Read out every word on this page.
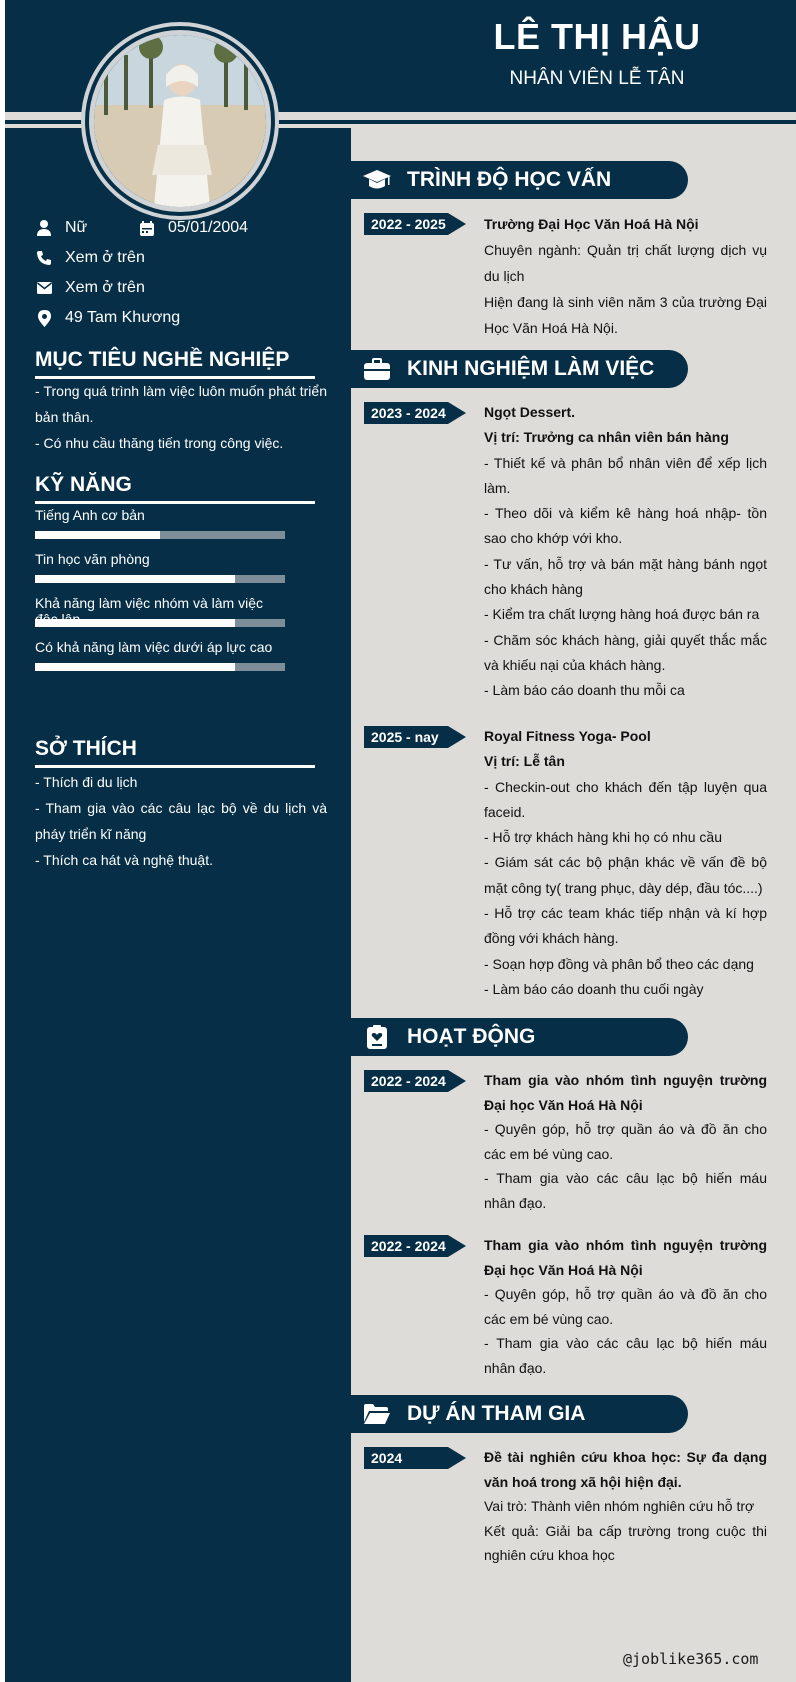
LÊ THỊ HẬU
NHÂN VIÊN LỄ TÂN
Nữ	05/01/2004
Xem ở trên
Xem ở trên
49 Tam Khương
MỤC TIÊU NGHỀ NGHIỆP
- Trong quá trình làm việc luôn muốn phát triển bản thân.
- Có nhu cầu thăng tiến trong công việc.
KỸ NĂNG
Tiếng Anh cơ bản
Tin học văn phòng
Khả năng làm việc nhóm và làm việc
Có khả năng làm việc dưới áp lực cao
SỞ THÍCH
- Thích đi du lịch
- Tham gia vào các câu lạc bộ về du lịch và pháy triển kĩ năng
- Thích ca hát và nghệ thuật.
TRÌNH ĐỘ HỌC VẤN
2022 - 2025	Trường Đại Học Văn Hoá Hà Nội
Chuyên ngành: Quản trị chất lượng dịch vụ du lịch
Hiện đang là sinh viên năm 3 của trường Đại Học Văn Hoá Hà Nội.
KINH NGHIỆM LÀM VIỆC
2023 - 2024	Ngọt Dessert.
Vị trí: Trưởng ca nhân viên bán hàng
- Thiết kế và phân bổ nhân viên để xếp lịch làm.
- Theo dõi và kiểm kê hàng hoá nhập- tồn sao cho khớp với kho.
- Tư vấn, hỗ trợ và bán mặt hàng bánh ngọt cho khách hàng
- Kiểm tra chất lượng hàng hoá được bán ra
- Chăm sóc khách hàng, giải quyết thắc mắc và khiếu nại của khách hàng.
- Làm báo cáo doanh thu mỗi ca
2025 - nay	Royal Fitness Yoga- Pool
Vị trí: Lễ tân
- Checkin-out cho khách đến tập luyện qua faceid.
- Hỗ trợ khách hàng khi họ có nhu cầu
- Giám sát các bộ phận khác về vấn đề bộ mặt công ty( trang phục, dày dép, đầu tóc....)
- Hỗ trợ các team khác tiếp nhận và kí hợp đồng với khách hàng.
- Soạn hợp đồng và phân bổ theo các dạng
- Làm báo cáo doanh thu cuối ngày
HOẠT ĐỘNG
2022 - 2024	Tham gia vào nhóm tình nguyện trường Đại học Văn Hoá Hà Nội
- Quyên góp, hỗ trợ quần áo và đồ ăn cho các em bé vùng cao.
- Tham gia vào các câu lạc bộ hiến máu nhân đạo.
2022 - 2024	Tham gia vào nhóm tình nguyện trường Đại học Văn Hoá Hà Nội
- Quyên góp, hỗ trợ quần áo và đồ ăn cho các em bé vùng cao.
- Tham gia vào các câu lạc bộ hiến máu nhân đạo.
DỰ ÁN THAM GIA
2024	Đề tài nghiên cứu khoa học: Sự đa dạng văn hoá trong xã hội hiện đại.
Vai trò: Thành viên nhóm nghiên cứu hỗ trợ
Kết quả: Giải ba cấp trường trong cuộc thi nghiên cứu khoa học
@joblike365.com
